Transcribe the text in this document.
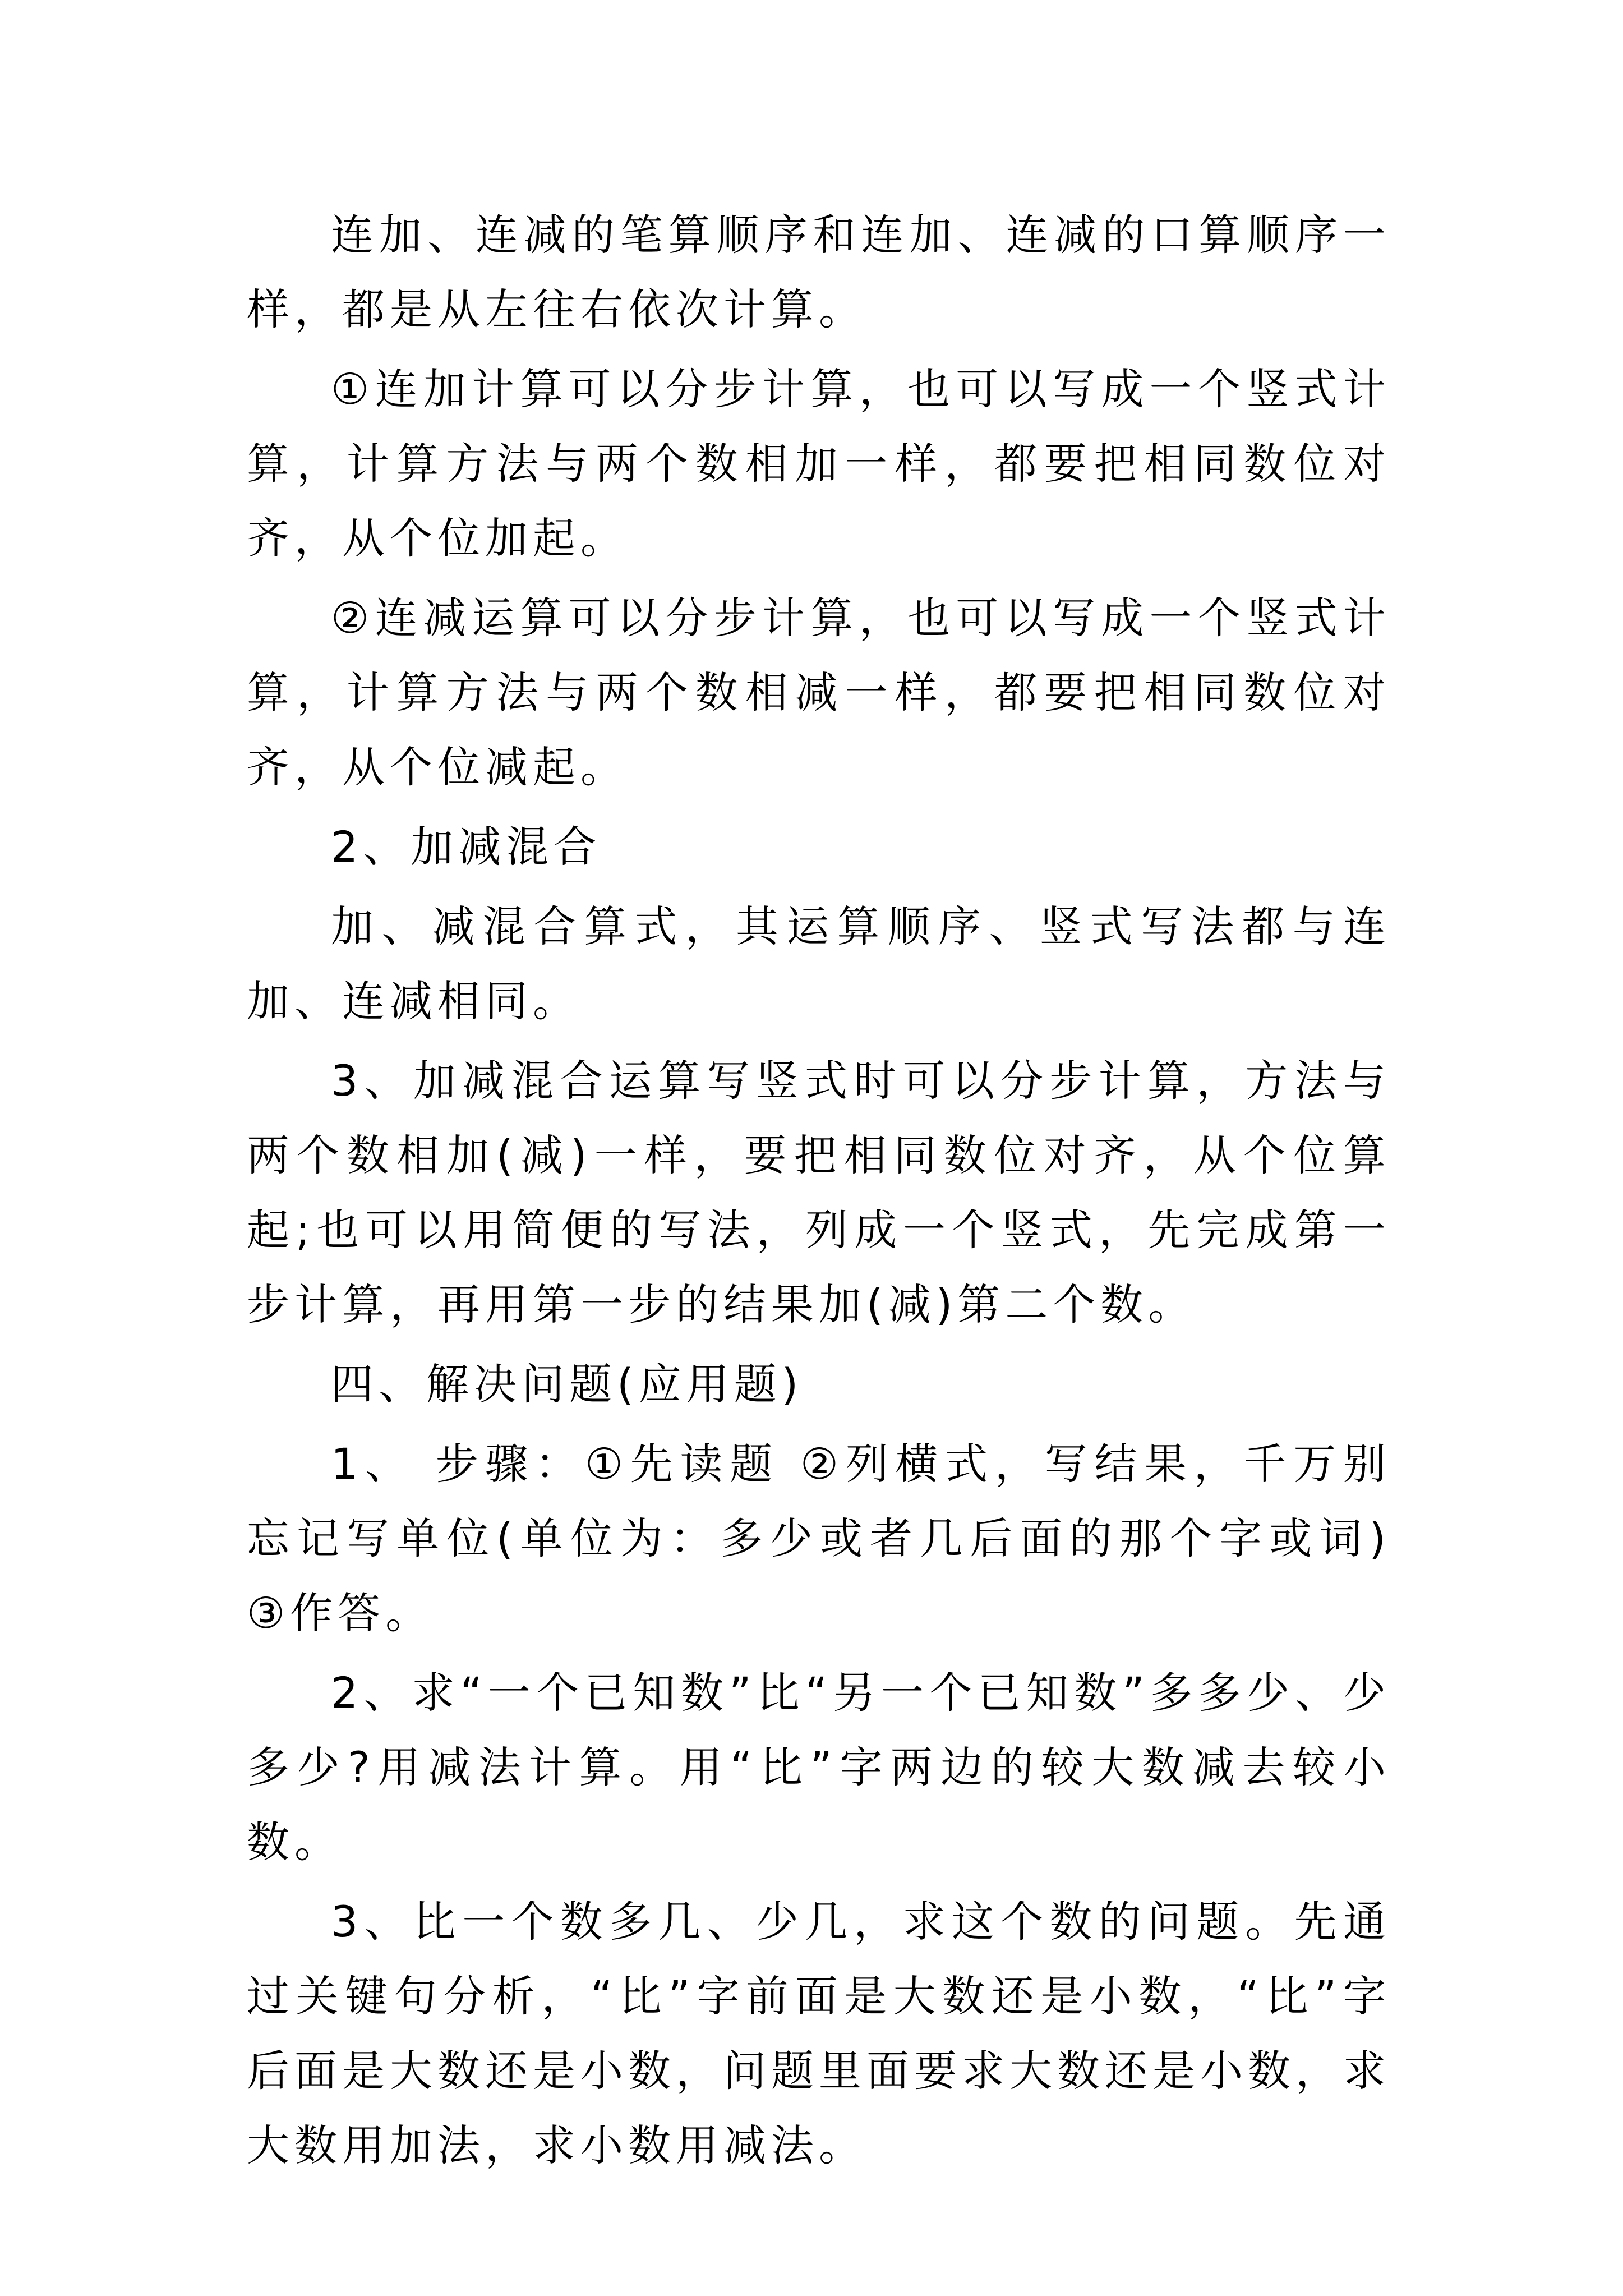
连加、连减的笔算顺序和连加、连减的口算顺序一样，都是从左往右依次计算。

①连加计算可以分步计算，也可以写成一个竖式计算，计算方法与两个数相加一样，都要把相同数位对齐，从个位加起。

②连减运算可以分步计算，也可以写成一个竖式计算，计算方法与两个数相减一样，都要把相同数位对齐，从个位减起。

2、加减混合

加、减混合算式，其运算顺序、竖式写法都与连加、连减相同。

3、加减混合运算写竖式时可以分步计算，方法与两个数相加(减)一样，要把相同数位对齐，从个位算起;也可以用简便的写法，列成一个竖式，先完成第一步计算，再用第一步的结果加(减)第二个数。

四、解决问题(应用题)

1、 步骤：①先读题 ②列横式，写结果，千万别忘记写单位(单位为：多少或者几后面的那个字或词) ③作答。

2、求“一个已知数”比“另一个已知数”多多少、少多少?用减法计算。用“比”字两边的较大数减去较小数。

3、比一个数多几、少几，求这个数的问题。先通过关键句分析，“比”字前面是大数还是小数，“比”字后面是大数还是小数，问题里面要求大数还是小数，求大数用加法，求小数用减法。
